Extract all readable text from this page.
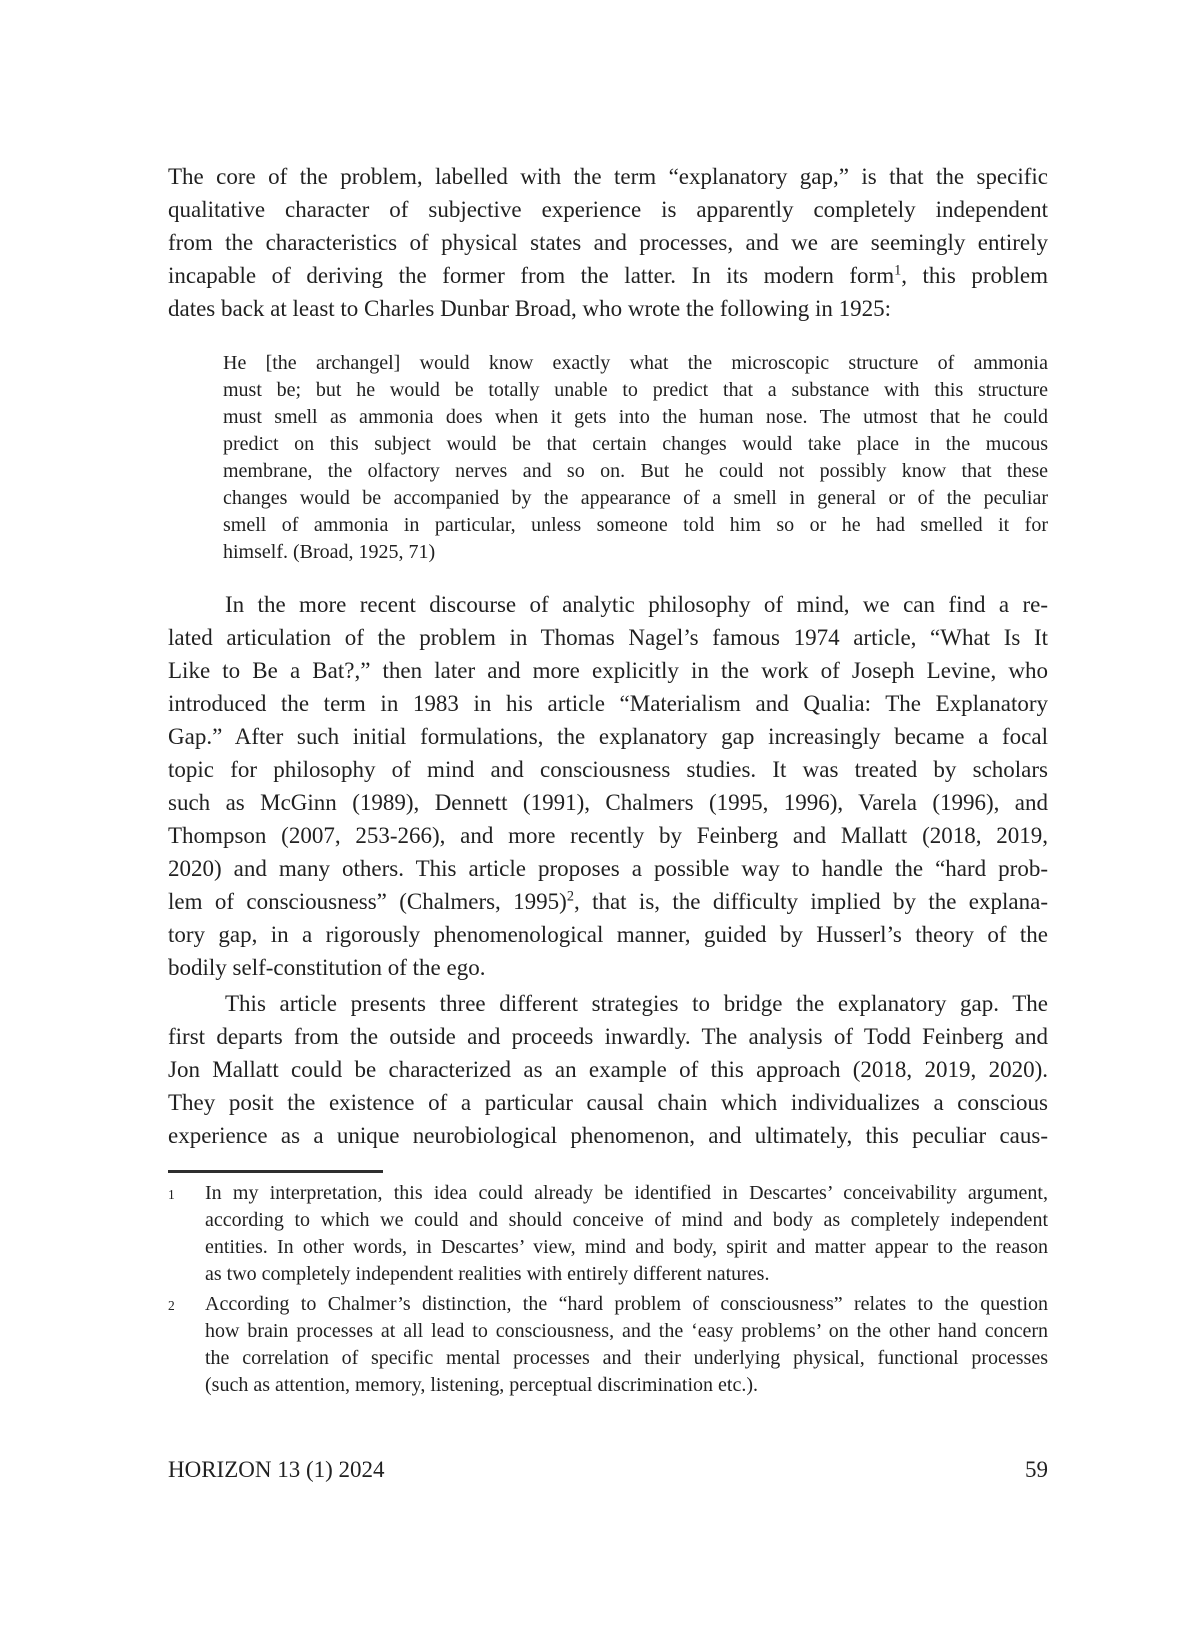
The core of the problem, labelled with the term “explanatory gap,” is that the specific
qualitative character of subjective experience is apparently completely independent
from the characteristics of physical states and processes, and we are seemingly entirely
incapable of deriving the former from the latter. In its modern form$^1$, this problem
dates back at least to Charles Dunbar Broad, who wrote the following in 1925:
He [the archangel] would know exactly what the microscopic structure of ammonia
must be; but he would be totally unable to predict that a substance with this structure
must smell as ammonia does when it gets into the human nose. The utmost that he could
predict on this subject would be that certain changes would take place in the mucous
membrane, the olfactory nerves and so on. But he could not possibly know that these
changes would be accompanied by the appearance of a smell in general or of the peculiar
smell of ammonia in particular, unless someone told him so or he had smelled it for
himself. (Broad, 1925, 71)
In the more recent discourse of analytic philosophy of mind, we can find a re-
lated articulation of the problem in Thomas Nagel’s famous 1974 article, “What Is It
Like to Be a Bat?,” then later and more explicitly in the work of Joseph Levine, who
introduced the term in 1983 in his article “Materialism and Qualia: The Explanatory
Gap.” After such initial formulations, the explanatory gap increasingly became a focal
topic for philosophy of mind and consciousness studies. It was treated by scholars
such as McGinn (1989), Dennett (1991), Chalmers (1995, 1996), Varela (1996), and
Thompson (2007, 253-266), and more recently by Feinberg and Mallatt (2018, 2019,
2020) and many others. This article proposes a possible way to handle the “hard prob-
lem of consciousness” (Chalmers, 1995)$^2$, that is, the difficulty implied by the explana-
tory gap, in a rigorously phenomenological manner, guided by Husserl’s theory of the
bodily self-constitution of the ego.
This article presents three different strategies to bridge the explanatory gap. The
first departs from the outside and proceeds inwardly. The analysis of Todd Feinberg and
Jon Mallatt could be characterized as an example of this approach (2018, 2019, 2020).
They posit the existence of a particular causal chain which individualizes a conscious
experience as a unique neurobiological phenomenon, and ultimately, this peculiar caus-
1	In my interpretation, this idea could already be identified in Descartes’ conceivability argument,
according to which we could and should conceive of mind and body as completely independent
entities. In other words, in Descartes’ view, mind and body, spirit and matter appear to the reason
as two completely independent realities with entirely different natures.
2	According to Chalmer’s distinction, the “hard problem of consciousness” relates to the question
how brain processes at all lead to consciousness, and the ‘easy problems’ on the other hand concern
the correlation of specific mental processes and their underlying physical, functional processes
(such as attention, memory, listening, perceptual discrimination etc.).
HORIZON 13 (1) 2024	59
